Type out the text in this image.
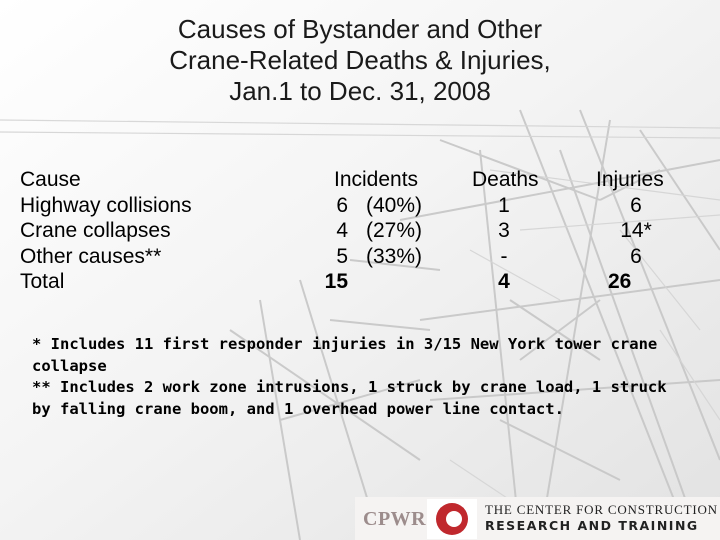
Causes of Bystander and Other
Crane-Related Deaths & Injuries,
Jan.1 to Dec. 31, 2008
Cause	Incidents	Deaths	Injuries
Highway collisions	6 (40%)	1	6
Crane collapses	4 (27%)	3	14*
Other causes**	5 (33%)	-	6
Total	15	4	26
* Includes 11 first responder injuries in 3/15 New York tower crane collapse
** Includes 2 work zone intrusions, 1 struck by crane load, 1 struck by falling crane boom, and 1 overhead power line contact.
CPWR	THE CENTER FOR CONSTRUCTION
RESEARCH AND TRAINING
